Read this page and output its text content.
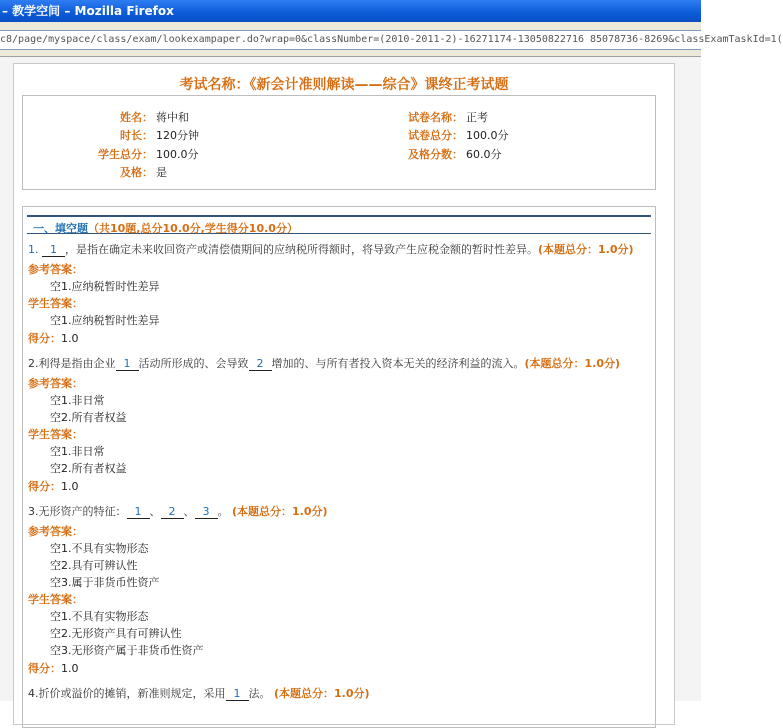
– 教学空间 – Mozilla Firefox
c8/page/myspace/class/exam/lookexampaper.do?wrap=0&classNumber=(2010-2011-2)-16271174-13050822716 85078736-8269&classExamTaskId=1(
考试名称：《新会计准则解读——综合》课终正考试题
姓名： 蒋中和
时长： 120分钟
学生总分： 100.0分
及格： 是
试卷名称： 正考
试卷总分： 100.0分
及格分数： 60.0分
一、填空题（共10题,总分10.0分,学生得分10.0分）
1. 1 ，是指在确定未来收回资产或清偿债期间的应纳税所得额时，将导致产生应税金额的暂时性差异。(本题总分：1.0分)
参考答案：
空1.应纳税暂时性差异
学生答案：
空1.应纳税暂时性差异
得分：1.0
2.利得是指由企业 1 活动所形成的、会导致 2 增加的、与所有者投入资本无关的经济利益的流入。(本题总分：1.0分)
参考答案：
空1.非日常
空2.所有者权益
学生答案：
空1.非日常
空2.所有者权益
得分：1.0
3.无形资产的特征： 1 、 2 、 3 。 (本题总分：1.0分)
参考答案：
空1.不具有实物形态
空2.具有可辨认性
空3.属于非货币性资产
学生答案：
空1.不具有实物形态
空2.无形资产具有可辨认性
空3.无形资产属于非货币性资产
得分：1.0
4.折价或溢价的摊销，新准则规定，采用 1 法。 (本题总分：1.0分)
